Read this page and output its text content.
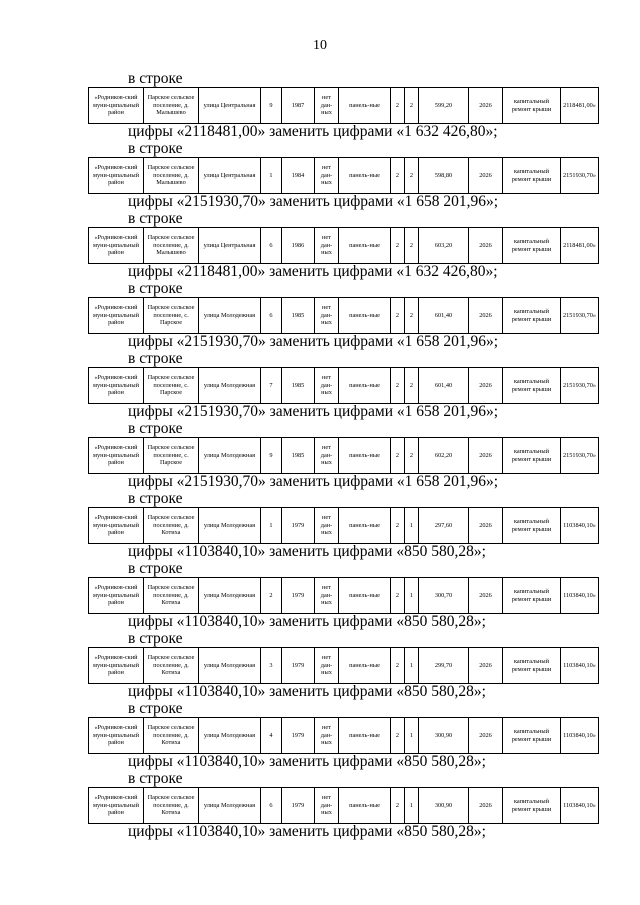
10
в строке
«Родников-ский муни-ципальный район	Парское сельское поселение, д. Малышево	улица Центральная	9	1987	нет дан-ных	панель-ные	2	2	599,20	2026	капитальный ремонт крыши	2118481,00»
цифры «2118481,00» заменить цифрами «1 632 426,80»;
в строке
«Родников-ский муни-ципальный район	Парское сельское поселение, д. Малышево	улица Центральная	1	1984	нет дан-ных	панель-ные	2	2	598,80	2026	капитальный ремонт крыши	2151930,70»
цифры «2151930,70» заменить цифрами «1 658 201,96»;
в строке
«Родников-ский муни-ципальный район	Парское сельское поселение, д. Малышево	улица Центральная	6	1986	нет дан-ных	панель-ные	2	2	603,20	2026	капитальный ремонт крыши	2118481,00»
цифры «2118481,00» заменить цифрами «1 632 426,80»;
в строке
«Родников-ский муни-ципальный район	Парское сельское поселение, с. Парское	улица Молодежная	6	1985	нет дан-ных	панель-ные	2	2	601,40	2026	капитальный ремонт крыши	2151930,70»
цифры «2151930,70» заменить цифрами «1 658 201,96»;
в строке
«Родников-ский муни-ципальный район	Парское сельское поселение, с. Парское	улица Молодежная	7	1985	нет дан-ных	панель-ные	2	2	601,40	2026	капитальный ремонт крыши	2151930,70»
цифры «2151930,70» заменить цифрами «1 658 201,96»;
в строке
«Родников-ский муни-ципальный район	Парское сельское поселение, с. Парское	улица Молодежная	9	1985	нет дан-ных	панель-ные	2	2	602,20	2026	капитальный ремонт крыши	2151930,70»
цифры «2151930,70» заменить цифрами «1 658 201,96»;
в строке
«Родников-ский муни-ципальный район	Парское сельское поселение, д. Котиха	улица Молодежная	1	1979	нет дан-ных	панель-ные	2	1	297,60	2026	капитальный ремонт крыши	1103840,10»
цифры «1103840,10» заменить цифрами «850 580,28»;
в строке
«Родников-ский муни-ципальный район	Парское сельское поселение, д. Котиха	улица Молодежная	2	1979	нет дан-ных	панель-ные	2	1	300,70	2026	капитальный ремонт крыши	1103840,10»
цифры «1103840,10» заменить цифрами «850 580,28»;
в строке
«Родников-ский муни-ципальный район	Парское сельское поселение, д. Котиха	улица Молодежная	3	1979	нет дан-ных	панель-ные	2	1	299,70	2026	капитальный ремонт крыши	1103840,10»
цифры «1103840,10» заменить цифрами «850 580,28»;
в строке
«Родников-ский муни-ципальный район	Парское сельское поселение, д. Котиха	улица Молодежная	4	1979	нет дан-ных	панель-ные	2	1	300,90	2026	капитальный ремонт крыши	1103840,10»
цифры «1103840,10» заменить цифрами «850 580,28»;
в строке
«Родников-ский муни-ципальный район	Парское сельское поселение, д. Котиха	улица Молодежная	6	1979	нет дан-ных	панель-ные	2	1	300,90	2026	капитальный ремонт крыши	1103840,10»
цифры «1103840,10» заменить цифрами «850 580,28»;
